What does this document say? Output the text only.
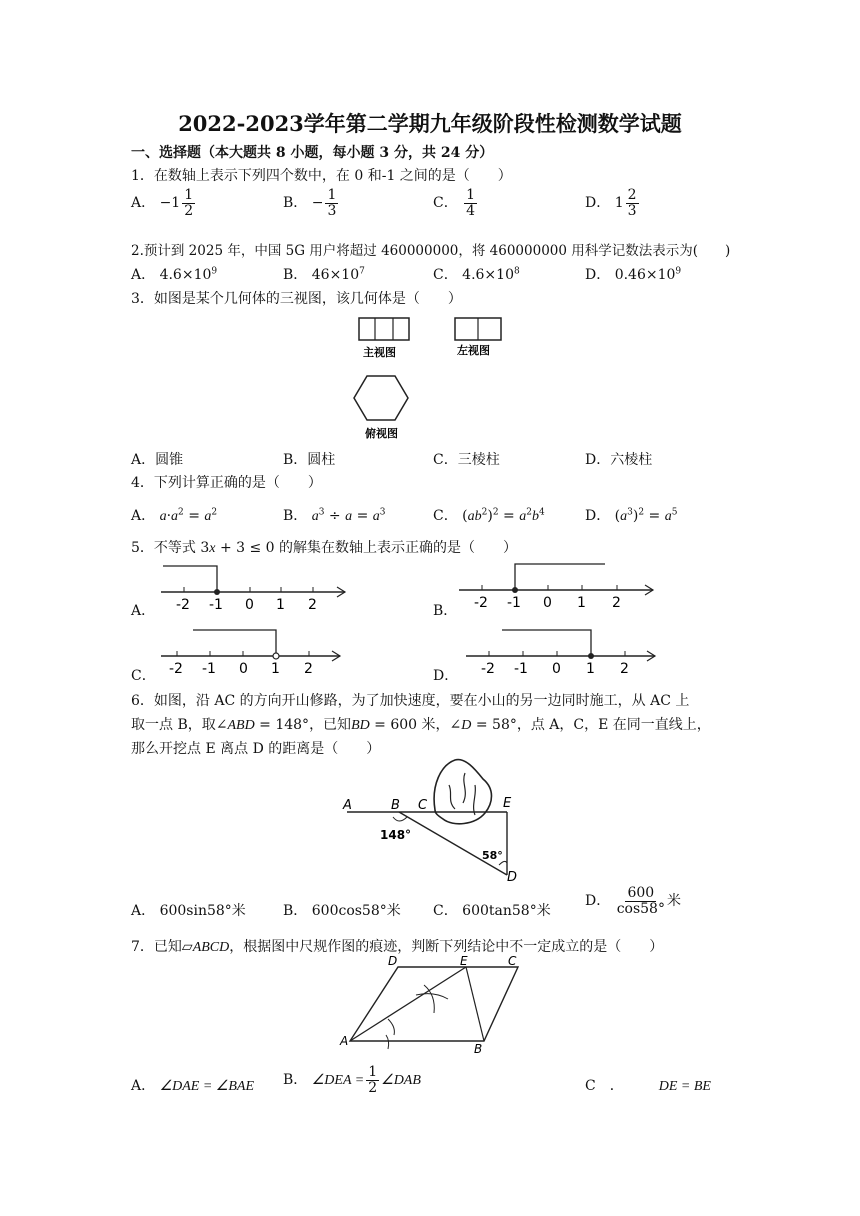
2022-2023学年第二学期九年级阶段性检测数学试题
一、选择题（本大题共 8 小题，每小题 3 分，共 24 分）
1．在数轴上表示下列四个数中，在 0 和-1 之间的是（　　）
A． $-1 \frac{1}{2}$	B． − $\frac{1}{3}$	C． $\frac{1}{4}$	D． $1 \frac{2}{3}$
2.预计到 2025 年，中国 5G 用户将超过 460000000，将 460000000 用科学记数法表示为(　　)
A． $4.6\times 10^9$	B． $46\times 10^7$	C． $4.6\times 10^8$	D． $0.46\times 10^9$
3．如图是某个几何体的三视图，该几何体是（　　）
主视图	左视图
俯视图
A．圆锥	B．圆柱	C．三棱柱	D．六棱柱
4．下列计算正确的是（　　）
A． $a\cdot a^2 = a^2$	B． $a^3 \div a = a^3$	C． $(ab^2)^2 = a^2b^4$	D． $(a^3)^2 = a^5$
5．不等式 3x + 3 ≤ 0 的解集在数轴上表示正确的是（　　）
A． -2 -1 0 1 2	B． -2 -1 0 1 2
C． -2 -1 0 1 2	D． -2 -1 0 1 2
6．如图，沿 AC 的方向开山修路，为了加快速度，要在小山的另一边同时施工，从 AC 上
取一点 B，取∠ABD = 148°，已知BD = 600 米，∠D = 58°，点 A，C，E 在同一直线上，
那么开挖点 E 离点 D 的距离是（　　）
A	B C	E
D
148°
58°
A． 600sin58°米	B． 600cos58°米 C． 600tan58°米
D． $\frac{600}{\cos 58^\circ}$ 米
7．已知▱ABCD，根据图中尺规作图的痕迹，判断下列结论中不一定成立的是（　　）
D	E	C
A
B
A． ∠DAE = ∠BAE B． ∠DEA = $\frac{1}{2}$ ∠DAB	C　．　　　	DE = BE
